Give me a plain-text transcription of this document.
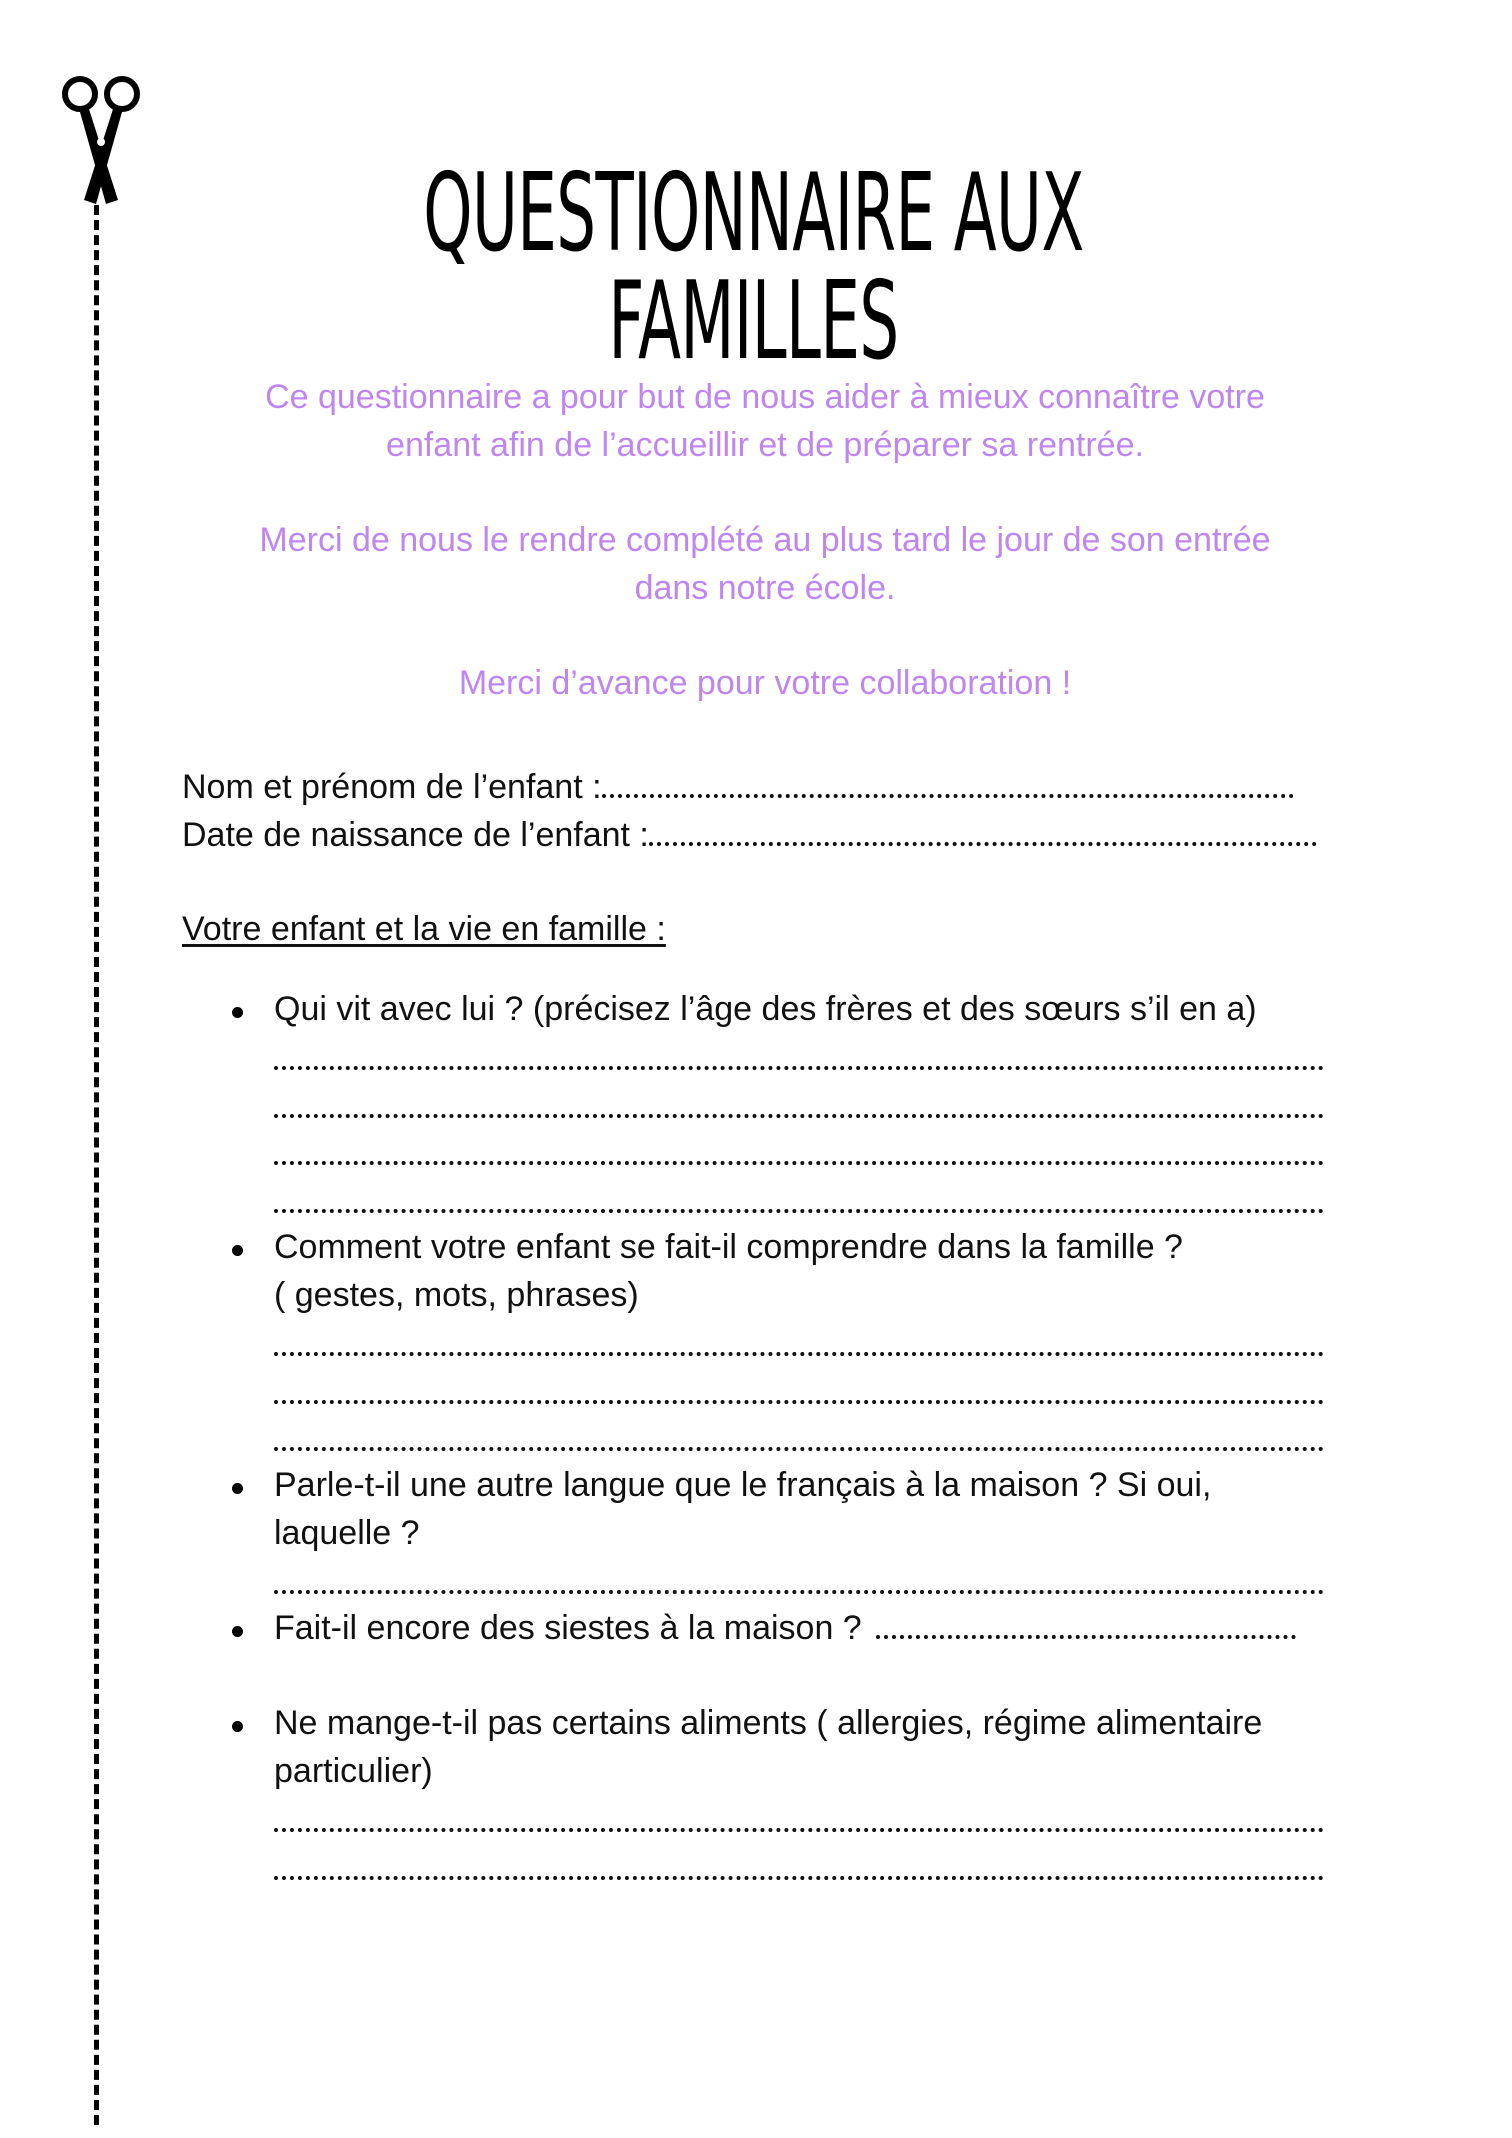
QUESTIONNAIRE AUX FAMILLES
Ce questionnaire a pour but de nous aider à mieux connaître votre
enfant afin de l’accueillir et de préparer sa rentrée.
Merci de nous le rendre complété au plus tard le jour de son entrée
dans notre école.
Merci d’avance pour votre collaboration !
Nom et prénom de l’enfant :
Date de naissance de l’enfant :
Votre enfant et la vie en famille :
Qui vit avec lui ? (précisez l’âge des frères et des sœurs s’il en a)
Comment votre enfant se fait-il comprendre dans la famille ?
( gestes, mots, phrases)
Parle-t-il une autre langue que le français à la maison ? Si oui,
laquelle ?
Fait-il encore des siestes à la maison ?
Ne mange-t-il pas certains aliments ( allergies, régime alimentaire
particulier)
